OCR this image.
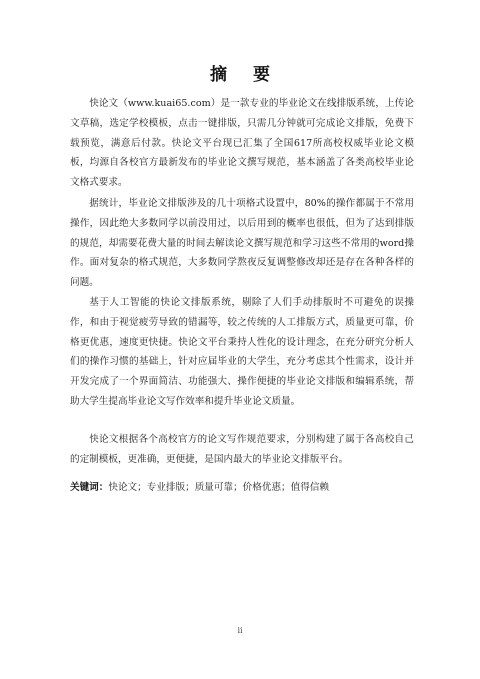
摘 要

快论文（www.kuai65.com）是一款专业的毕业论文在线排版系统，上传论文草稿，选定学校模板，点击一键排版，只需几分钟就可完成论文排版，免费下载预览，满意后付款。快论文平台现已汇集了全国617所高校权威毕业论文模板，均源自各校官方最新发布的毕业论文撰写规范，基本涵盖了各类高校毕业论文格式要求。

据统计，毕业论文排版涉及的几十项格式设置中，80%的操作都属于不常用操作，因此绝大多数同学以前没用过，以后用到的概率也很低，但为了达到排版的规范，却需要花费大量的时间去解读论文撰写规范和学习这些不常用的word操作。面对复杂的格式规范，大多数同学熬夜反复调整修改却还是存在各种各样的问题。

基于人工智能的快论文排版系统，剔除了人们手动排版时不可避免的误操作，和由于视觉疲劳导致的错漏等，较之传统的人工排版方式，质量更可靠，价格更优惠，速度更快捷。快论文平台秉持人性化的设计理念，在充分研究分析人们的操作习惯的基础上，针对应届毕业的大学生，充分考虑其个性需求，设计并开发完成了一个界面简洁、功能强大、操作便捷的毕业论文排版和编辑系统，帮助大学生提高毕业论文写作效率和提升毕业论文质量。

快论文根据各个高校官方的论文写作规范要求，分别构建了属于各高校自己的定制模板，更准确，更便捷，是国内最大的毕业论文排版平台。

关键词：快论文；专业排版；质量可靠；价格优惠；值得信赖

ii
